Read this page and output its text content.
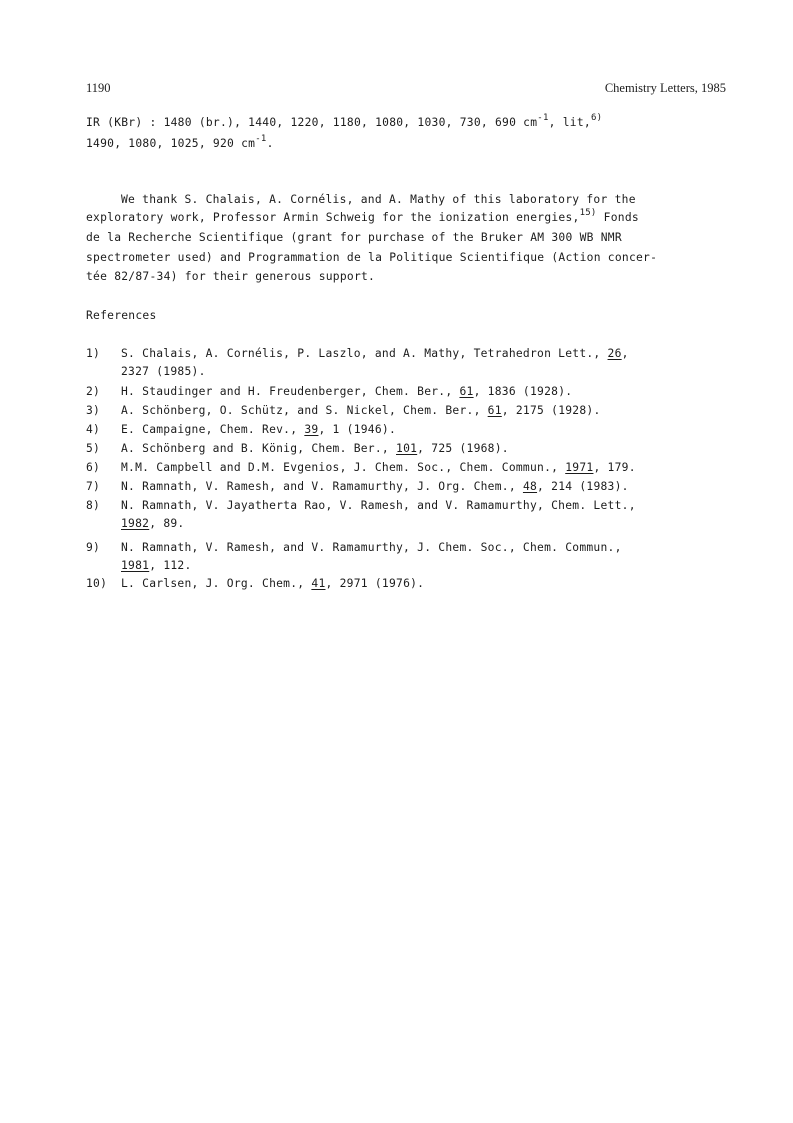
1190	Chemistry Letters, 1985
IR (KBr) : 1480 (br.), 1440, 1220, 1180, 1080, 1030, 730, 690 $cm^{-1}$, lit,$^{6)}$
1490, 1080, 1025, 920 $cm^{-1}$.
We thank S. Chalais, A. Cornélis, and A. Mathy of this laboratory for the
exploratory work, Professor Armin Schweig for the ionization energies,$^{15)}$ Fonds
de la Recherche Scientifique (grant for purchase of the Bruker AM 300 WB NMR
spectrometer used) and Programmation de la Politique Scientifique (Action concer-
tée 82/87-34) for their generous support.
References
1) S. Chalais, A. Cornélis, P. Laszlo, and A. Mathy, Tetrahedron Lett., 26,
2327 (1985).
2) H. Staudinger and H. Freudenberger, Chem. Ber., 61, 1836 (1928).
3) A. Schönberg, O. Schütz, and S. Nickel, Chem. Ber., 61, 2175 (1928).
4) E. Campaigne, Chem. Rev., 39, 1 (1946).
5) A. Schönberg and B. König, Chem. Ber., 101, 725 (1968).
6) M.M. Campbell and D.M. Evgenios, J. Chem. Soc., Chem. Commun., 1971, 179.
7) N. Ramnath, V. Ramesh, and V. Ramamurthy, J. Org. Chem., 48, 214 (1983).
8) N. Ramnath, V. Jayatherta Rao, V. Ramesh, and V. Ramamurthy, Chem. Lett.,
1982, 89.
9) N. Ramnath, V. Ramesh, and V. Ramamurthy, J. Chem. Soc., Chem. Commun.,
1981, 112.
10) L. Carlsen, J. Org. Chem., 41, 2971 (1976).
